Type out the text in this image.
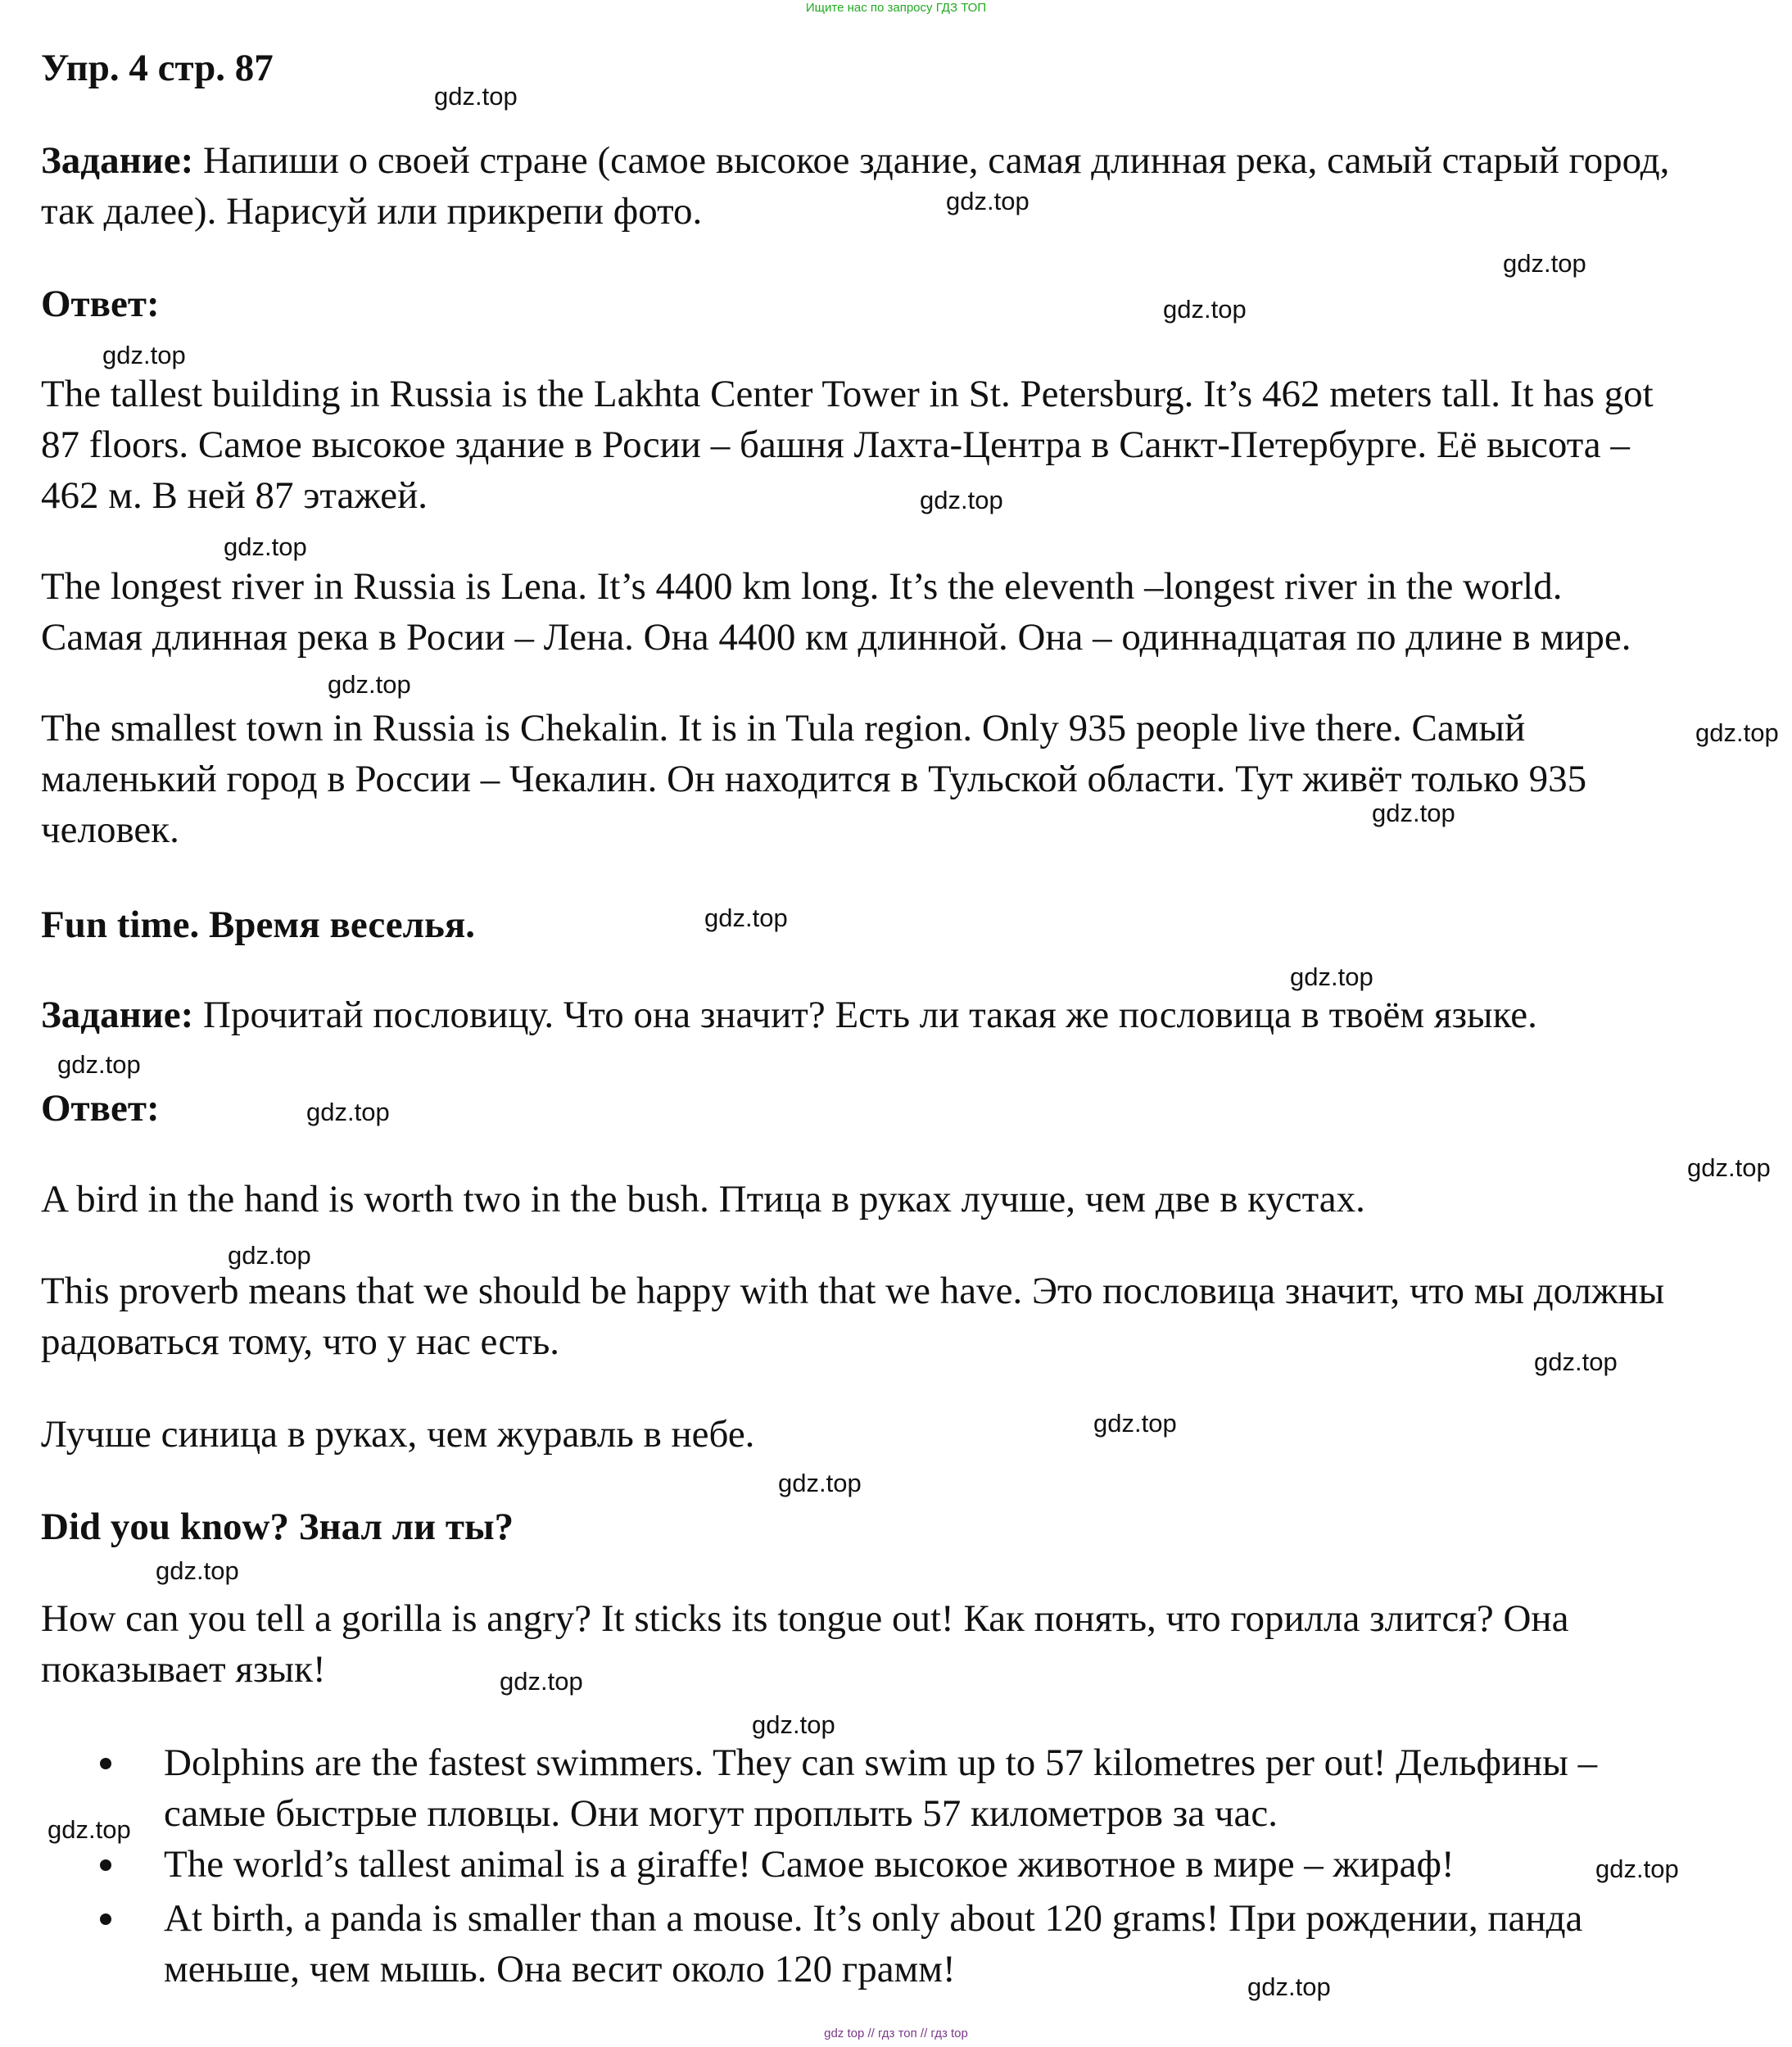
Ищите нас по запросу ГДЗ ТОП

Упр. 4 стр. 87

Задание: Напиши о своей стране (самое высокое здание, самая длинная река, самый старый город,
так далее). Нарисуй или прикрепи фото.

Ответ:

The tallest building in Russia is the Lakhta Center Tower in St. Petersburg. It’s 462 meters tall. It has got
87 floors. Самое высокое здание в Росии – башня Лахта-Центра в Санкт-Петербурге. Её высота –
462 м. В ней 87 этажей.
The longest river in Russia is Lena. It’s 4400 km long. It’s the eleventh –longest river in the world.
Самая длинная река в Росии – Лена. Она 4400 км длинной. Она – одиннадцатая по длине в мире.
The smallest town in Russia is Chekalin. It is in Tula region. Only 935 people live there. Самый
маленький город в России – Чекалин. Он находится в Тульской области. Тут живёт только 935
человек.

Fun time. Время веселья.

Задание: Прочитай пословицу. Что она значит? Есть ли такая же пословица в твоём языке.

Ответ:

A bird in the hand is worth two in the bush. Птица в руках лучше, чем две в кустах.

This proverb means that we should be happy with that we have. Это пословица значит, что мы должны
радоваться тому, что у нас есть.

Лучше синица в руках, чем журавль в небе.

Did you know? Знал ли ты?

How can you tell a gorilla is angry? It sticks its tongue out! Как понять, что горилла злится? Она
показывает язык!
Dolphins are the fastest swimmers. They can swim up to 57 kilometres per out! Дельфины –
самые быстрые пловцы. Они могут проплыть 57 километров за час.
The world’s tallest animal is a giraffe! Самое высокое животное в мире – жираф!
At birth, a panda is smaller than a mouse. It’s only about 120 grams! При рождении, панда
меньше, чем мышь. Она весит около 120 грамм!
gdz.top
gdz.top
gdz.top
gdz.top
gdz.top
gdz.top
gdz.top
gdz.top
gdz.top
gdz.top
gdz.top
gdz.top
gdz.top
gdz.top
gdz.top
gdz.top
gdz.top
gdz.top
gdz.top
gdz.top
gdz.top
gdz.top
gdz.top
gdz.top
gdz.top
gdz top // гдз топ // гдз top
